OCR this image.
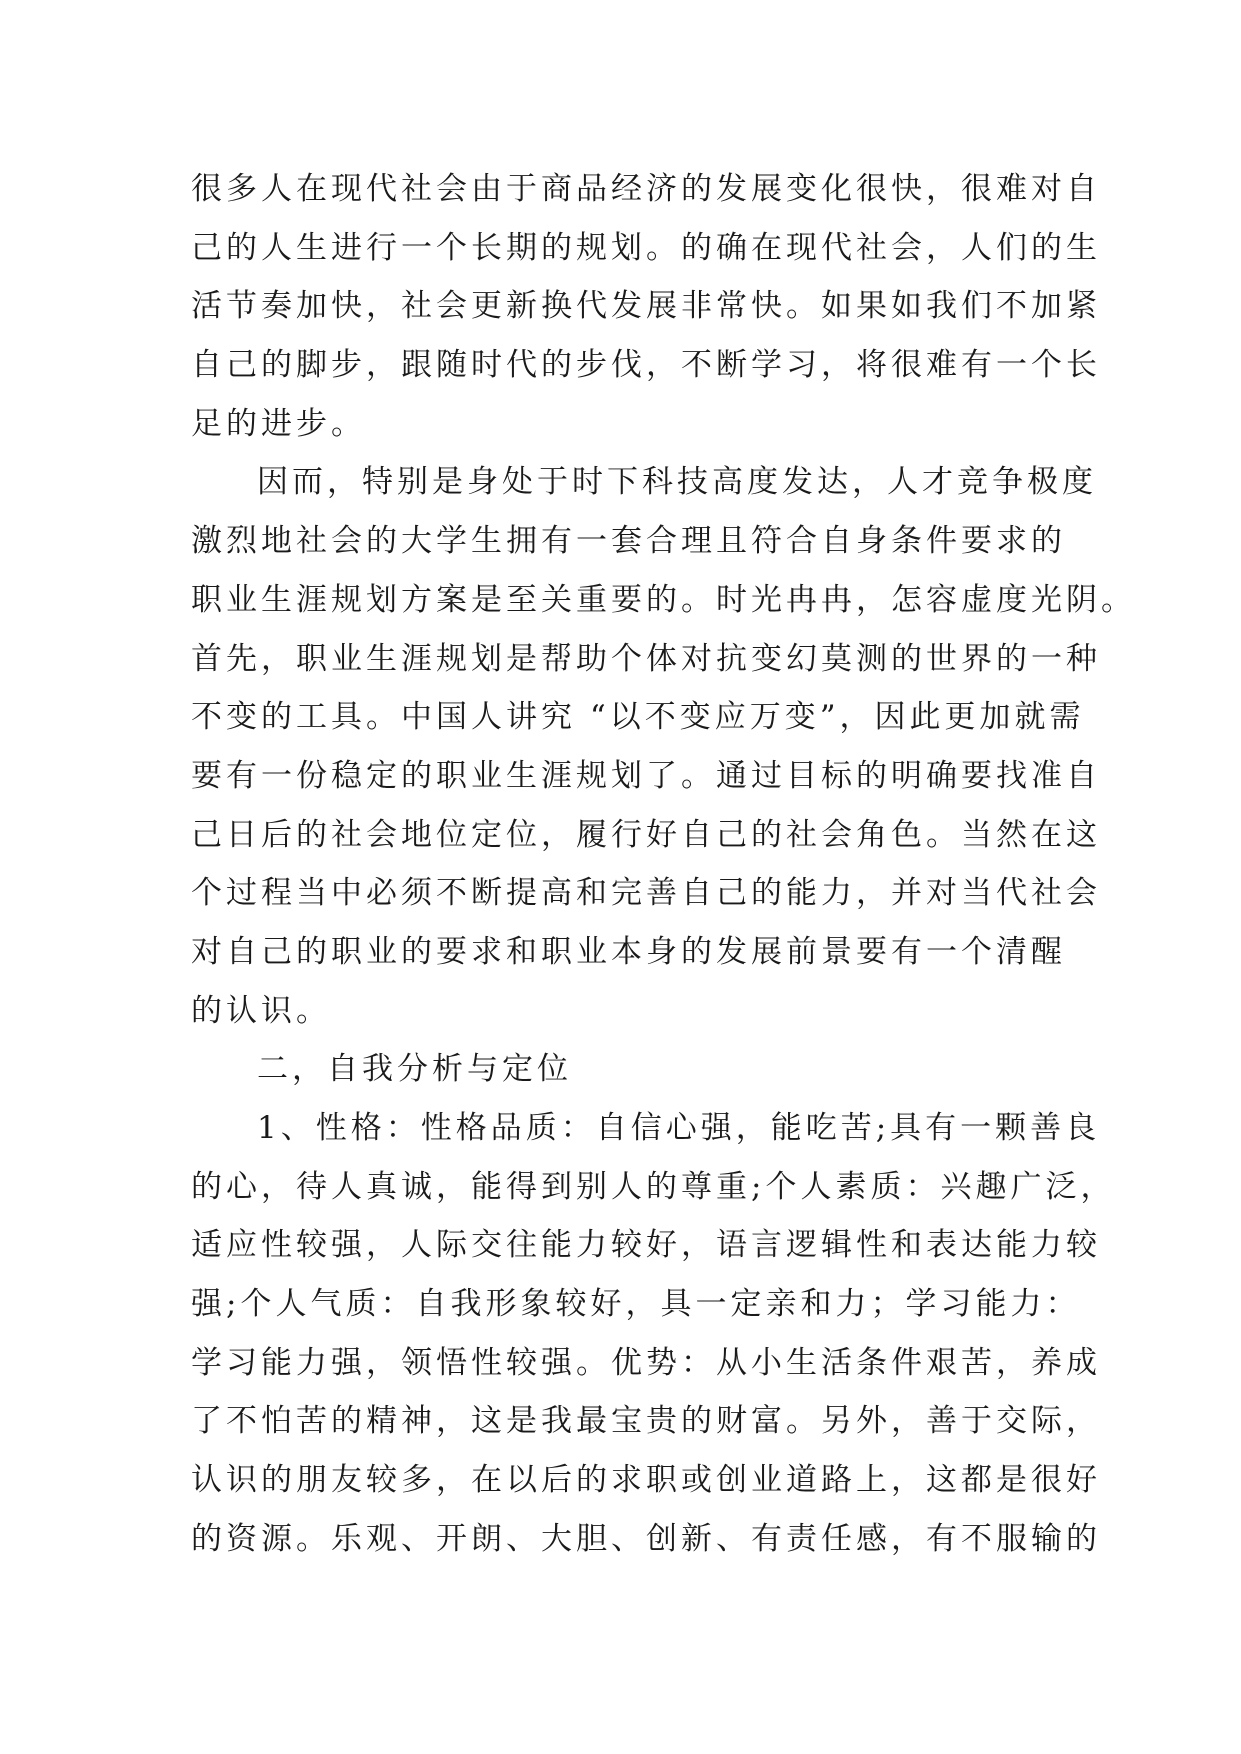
很多人在现代社会由于商品经济的发展变化很快，很难对自
己的人生进行一个长期的规划。的确在现代社会，人们的生
活节奏加快，社会更新换代发展非常快。如果如我们不加紧
自己的脚步，跟随时代的步伐，不断学习，将很难有一个长
足的进步。
因而，特别是身处于时下科技高度发达，人才竞争极度
激烈地社会的大学生拥有一套合理且符合自身条件要求的
职业生涯规划方案是至关重要的。时光冉冉，怎容虚度光阴。
首先，职业生涯规划是帮助个体对抗变幻莫测的世界的一种
不变的工具。中国人讲究 “以不变应万变”，因此更加就需
要有一份稳定的职业生涯规划了。通过目标的明确要找准自
己日后的社会地位定位，履行好自己的社会角色。当然在这
个过程当中必须不断提高和完善自己的能力，并对当代社会
对自己的职业的要求和职业本身的发展前景要有一个清醒
的认识。
二，自我分析与定位
1、性格：性格品质：自信心强，能吃苦;具有一颗善良
的心，待人真诚，能得到别人的尊重;个人素质：兴趣广泛，
适应性较强，人际交往能力较好，语言逻辑性和表达能力较
强;个人气质：自我形象较好，具一定亲和力；学习能力：
学习能力强，领悟性较强。优势：从小生活条件艰苦，养成
了不怕苦的精神，这是我最宝贵的财富。另外，善于交际，
认识的朋友较多，在以后的求职或创业道路上，这都是很好
的资源。乐观、开朗、大胆、创新、有责任感，有不服输的
